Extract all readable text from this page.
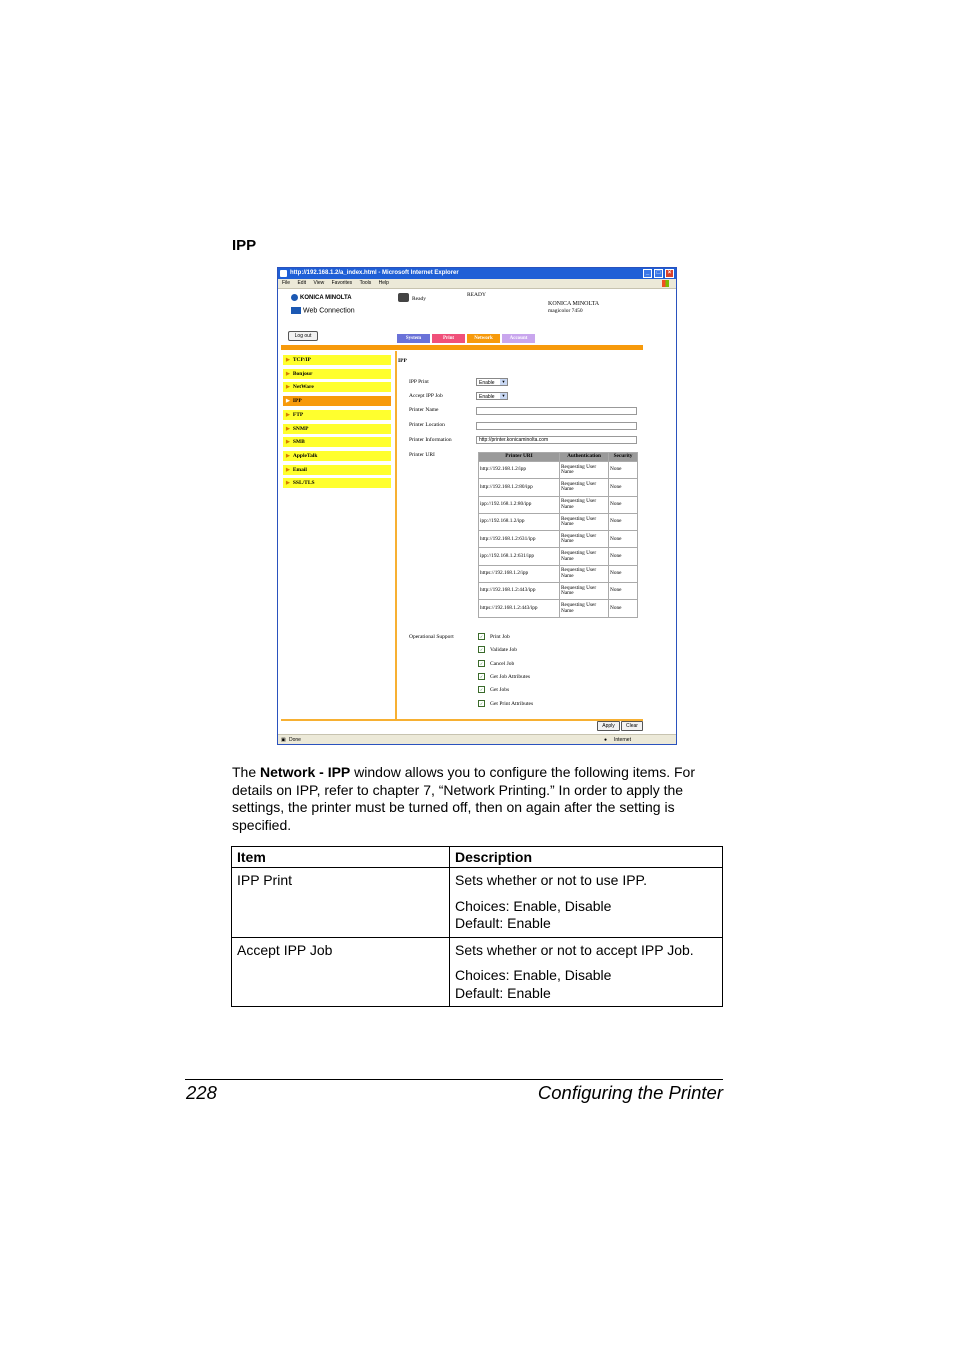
IPP
http://192.168.1.2/a_index.html - Microsoft Internet Explorer	_	□	×
File Edit View Favorites Tools Help
KONICA MINOLTA
Web Connection
Ready
READY
KONICA MINOLTA
magicolor 7450
Log out	System	Print	Network	Account
▶ TCP/IP
▶ Bonjour
▶ NetWare
▶ IPP
▶ FTP
▶ SNMP
▶ SMB
▶ AppleTalk
▶ Email
▶ SSL/TLS
IPP
IPP Print	Enable	▼
Accept IPP Job	Enable	▼
Printer Name
Printer Location
Printer Information	http://printer.konicaminolta.com
Printer URI	Printer URI	Authentication	Security
http://192.168.1.2/ipp	Requesting User Name	None
http://192.168.1.2:80/ipp	Requesting User Name	None
ipp://192.168.1.2:80/ipp	Requesting User Name	None
ipp://192.168.1.2/ipp	Requesting User Name	None
http://192.168.1.2:631/ipp	Requesting User Name	None
ipp://192.168.1.2:631/ipp	Requesting User Name	None
https://192.168.1.2/ipp	Requesting User Name	None
http://192.168.1.2:443/ipp	Requesting User Name	None
https://192.168.1.2:443/ipp	Requesting User Name	None
Operational Support	✓ Print Job
✓ Validate Job
✓ Cancel Job
✓ Get Job Attributes
✓ Get Jobs
✓ Get Print Attributes
Apply	Clear
▣ Done	● Internet
The Network - IPP window allows you to configure the following items. For details on IPP, refer to chapter 7, “Network Printing.” In order to apply the settings, the printer must be turned off, then on again after the setting is specified.
Item	Description

IPP Print	Sets whether or not to use IPP.

Choices: Enable, Disable

Default: Enable

Accept IPP Job	Sets whether or not to accept IPP Job.

Choices: Enable, Disable

Default: Enable

228	Configuring the Printer
